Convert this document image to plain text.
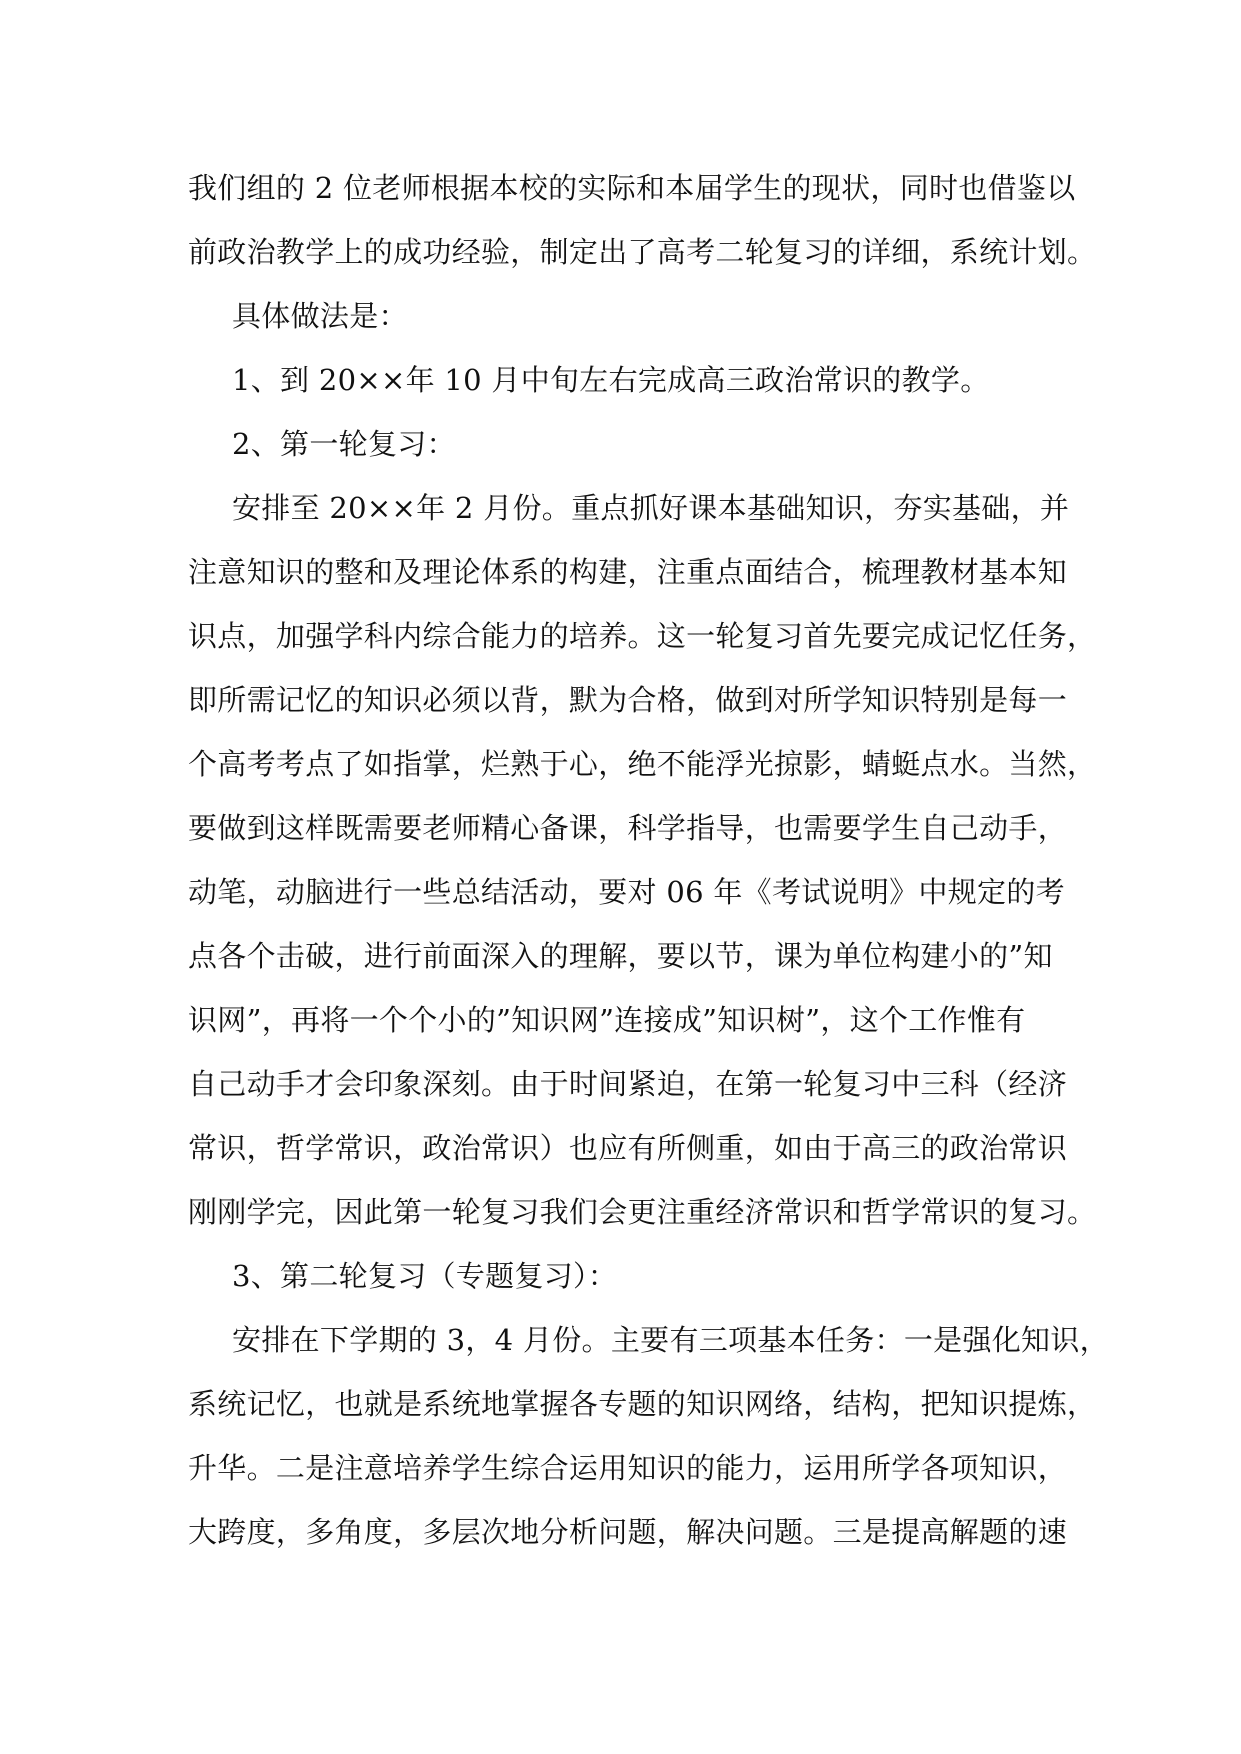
我们组的 2 位老师根据本校的实际和本届学生的现状，同时也借鉴以
前政治教学上的成功经验，制定出了高考二轮复习的详细，系统计划。
具体做法是：
1、到 20××年 10 月中旬左右完成高三政治常识的教学。
2、第一轮复习：
安排至 20××年 2 月份。重点抓好课本基础知识，夯实基础，并
注意知识的整和及理论体系的构建，注重点面结合，梳理教材基本知
识点，加强学科内综合能力的培养。这一轮复习首先要完成记忆任务，
即所需记忆的知识必须以背，默为合格，做到对所学知识特别是每一
个高考考点了如指掌，烂熟于心，绝不能浮光掠影，蜻蜓点水。当然，
要做到这样既需要老师精心备课，科学指导，也需要学生自己动手，
动笔，动脑进行一些总结活动，要对 06 年《考试说明》中规定的考
点各个击破，进行前面深入的理解，要以节，课为单位构建小的”知
识网”，再将一个个小的”知识网”连接成”知识树”，这个工作惟有
自己动手才会印象深刻。由于时间紧迫，在第一轮复习中三科（经济
常识，哲学常识，政治常识）也应有所侧重，如由于高三的政治常识
刚刚学完，因此第一轮复习我们会更注重经济常识和哲学常识的复习。
3、第二轮复习（专题复习）：
安排在下学期的 3，4 月份。主要有三项基本任务：一是强化知识，
系统记忆，也就是系统地掌握各专题的知识网络，结构，把知识提炼，
升华。二是注意培养学生综合运用知识的能力，运用所学各项知识，
大跨度，多角度，多层次地分析问题，解决问题。三是提高解题的速
